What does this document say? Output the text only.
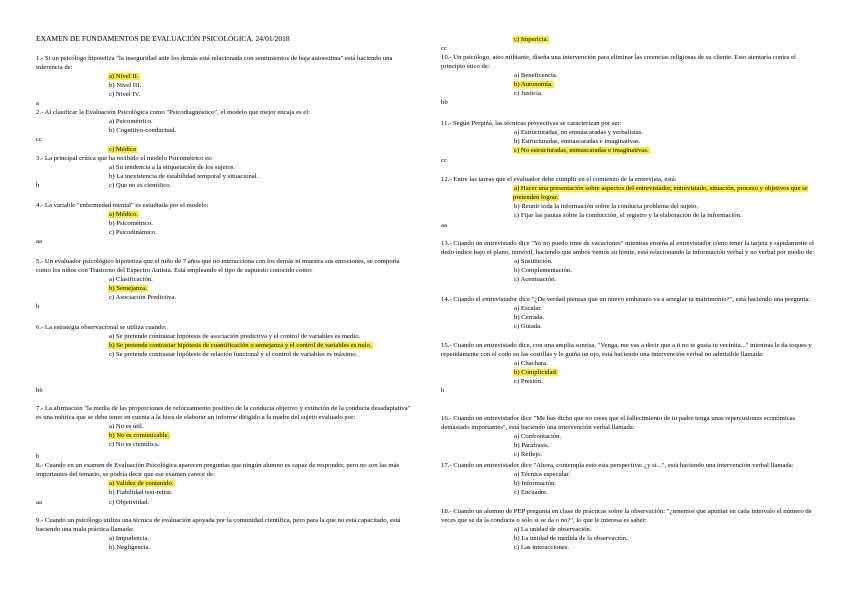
EXAMEN DE FUNDAMENTOS DE EVALUACIÓN PSICOLÓGICA. 24/01/2018

1.- Si un psicólogo hipotetiza "la inseguridad ante los demás está relacionada con sentimientos de baja autoestima" está haciendo una inferencia de:

a) Nivel II.

b) Nivel III.

c) Nivel IV.

a

2.- Al clasificar la Evaluación Psicológica como "Psicodiagnóstico", el modelo que mejor encaja es el:

a) Psicométrico.

b) Cognitivo-conductual.

cc

c) Médico

3.- La principal crítica que ha recibido el modelo Psicométrico es:

a) Su tendencia a la etiquetación de los sujetos.

b) La inexistencia de estabilidad temporal y situacional.

c) Que no es científico.

b

4.- La variable "enfermedad mental" es estudiada por el modelo:

a) Médico.

b) Psicométrico.

c) Psicodinámico.

aa

5.- Un evaluador psicológico hipotetiza que el niño de 7 años que no interacciona con los demás ni muestra sus emociones, se comporta como los niños con Trastorno del Espectro Autista. Está empleando el tipo de supuesto conocido como:

a) Clasificación.

b) Semejanza.

c) Asociación Predictiva.

b

6.- La estrategia observacional se utiliza cuando:

a) Se pretende contrastar hipótesis de asociación predictiva y el control de variables es medio.

b) Se pretende contrastar hipótesis de cuantificación o semejanza y el control de variables es nulo.

c) Se pretende contrastar hipótesis de relación funcional y el control de variables es máximo.

bb

7.- La afirmación "la media de las proporciones de reforzamiento positivo de la conducta objetivo y extinción de la conducta desadaptativa" es una métrica que se debe tener en cuenta a la hora de elaborar un informe dirigido a la madre del sujeto evaluado por:

a) No es útil.

b) No es comunicable.

c) No es científica.

b

8.- Cuando en un examen de Evaluación Psicológica aparecen preguntas que ningún alumno es capaz de responder, pero no son las más importantes del temario, se podría decir que ese examen carece de:

a) Validez de contenido.

b) Fiabilidad test-retest.

aa	c) Objetividad.

9.- Cuando un psicólogo utiliza una técnica de evaluación apoyada por la comunidad científica, pero para la que no está capacitado, está haciendo una mala práctica llamada:

a) Impudencia.

b) Negligencia.

c) Impericia.

cc

10.- Un psicólogo, ateo militante, diseña una intervención para eliminar las creencias religiosas de su cliente. Esto atentaría contra el principio ético de:

a) Beneficencia.

b) Autonomía.

c) Justicia.

bb

11.- Según Perpiñá, las técnicas proyectivas se caracterizan por ser:

a) Estructuradas, no enmascaradas y verbalistas.

b) Estructuradas, enmascaradas e imaginativas.

c) No estructuradas, enmascaradas e imaginativas.

cc

12.- Entre las tareas que el evaluador debe cumplir en el comienzo de la entrevista, está:

a) Hacer una presentación sobre aspectos del entrevistador, entrevistado, situación, proceso y objetivos que se pretenden lograr.

b) Reunir toda la información sobre la conducta problema del sujeto.

c) Fijar las pautas sobre la conducción, el registro y la elaboración de la información.

aa

13.- Cuando un entrevistado dice "Yo no puedo irme de vacaciones" mientras enseña al entrevistador cómo tener la tarjeta y rápidamente el dedo índice bajo el plano, inmóvil, haciendo que ambos vemos su frente, está relacionando la información verbal y no verbal por medio de:

a) Sustitución.

b) Complementación.

c) Acentuación.

14.- Cuando el entrevistador dice "¿De verdad piensas que un nuevo embarazo va a arreglar tu matrimonio?", está haciendo una pregunta:

a) Escalar.

b) Cerrada.

c) Guiada.

15.- Cuando un entrevistado dice, con una amplia sonrisa, "Venga, me vas a decir que a ti no te gusta tu vecinita..." mientras le da toques y repetidamente con el codo en las costillas y le guiña un ojo, está haciendo una intervención verbal no admisible llamada:

a) Chachara.

b) Complicidad.

c) Presión.

b

16.- Cuando un entrevistador dice "Me has dicho que no crees que el fallecimiento de tu padre tenga unas repercusiones económicas demasiado importantes", está haciendo una intervención verbal llamada:

a) Confrontación.

b) Paráfrasis.

c) Reflejo.

17.- Cuando un entrevistador dice "Ahora, contempla esto esta perspectiva: ¿y si...", está haciendo una intervención verbal llamada:

a) Técnica especular.

b) Información.

c) Encuadre.

18.- Cuando un alumno de PEP pregunta en clase de prácticas sobre la observación: "¿tenemos que apuntar en cada intervalo el número de veces que se da la conducta o sólo si se da o no?", lo que le interesa es saber:

a) La unidad de observación.

b) La unidad de medida de la observación.

c) Las interacciones.
